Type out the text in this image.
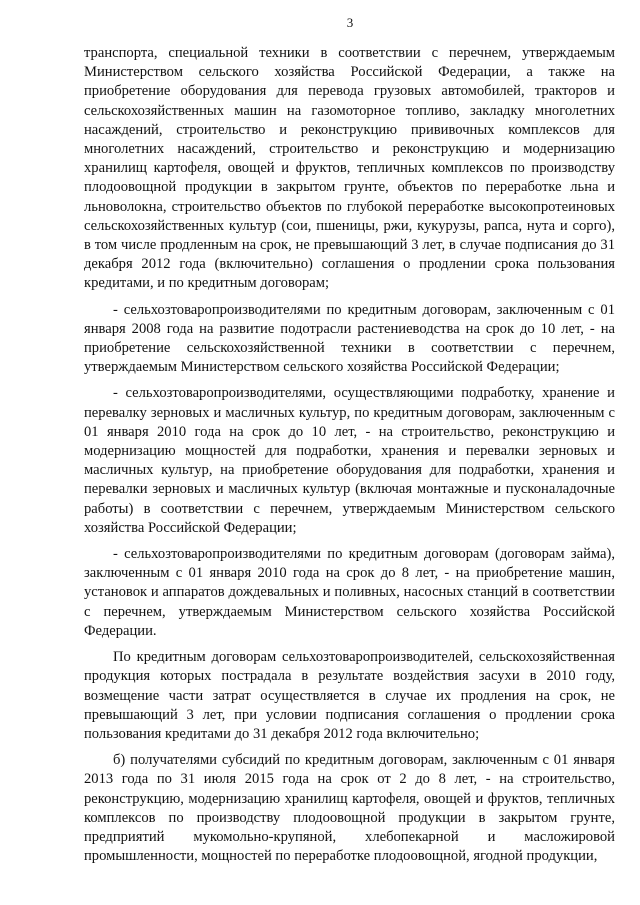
3

транспорта, специальной техники в соответствии с перечнем, утверждаемым Министерством сельского хозяйства Российской Федерации, а также на приобретение оборудования для перевода грузовых автомобилей, тракторов и сельскохозяйственных машин на газомоторное топливо, закладку многолетних насаждений, строительство и реконструкцию прививочных комплексов для многолетних насаждений, строительство и реконструкцию и модернизацию хранилищ картофеля, овощей и фруктов, тепличных комплексов по производству плодоовощной продукции в закрытом грунте, объектов по переработке льна и льноволокна, строительство объектов по глубокой переработке высокопротеиновых сельскохозяйственных культур (сои, пшеницы, ржи, кукурузы, рапса, нута и сорго), в том числе продленным на срок, не превышающий 3 лет, в случае подписания до 31 декабря 2012 года (включительно) соглашения о продлении срока пользования кредитами, и по кредитным договорам;

- сельхозтоваропроизводителями по кредитным договорам, заключенным с 01 января 2008 года на развитие подотрасли растениеводства на срок до 10 лет, - на приобретение сельскохозяйственной техники в соответствии с перечнем, утверждаемым Министерством сельского хозяйства Российской Федерации;

- сельхозтоваропроизводителями, осуществляющими подработку, хранение и перевалку зерновых и масличных культур, по кредитным договорам, заключенным с 01 января 2010 года на срок до 10 лет, - на строительство, реконструкцию и модернизацию мощностей для подработки, хранения и перевалки зерновых и масличных культур, на приобретение оборудования для подработки, хранения и перевалки зерновых и масличных культур (включая монтажные и пусконаладочные работы) в соответствии с перечнем, утверждаемым Министерством сельского хозяйства Российской Федерации;

- сельхозтоваропроизводителями по кредитным договорам (договорам займа), заключенным с 01 января 2010 года на срок до 8 лет, - на приобретение машин, установок и аппаратов дождевальных и поливных, насосных станций в соответствии с перечнем, утверждаемым Министерством сельского хозяйства Российской Федерации.

По кредитным договорам сельхозтоваропроизводителей, сельскохозяйственная продукция которых пострадала в результате воздействия засухи в 2010 году, возмещение части затрат осуществляется в случае их продления на срок, не превышающий 3 лет, при условии подписания соглашения о продлении срока пользования кредитами до 31 декабря 2012 года включительно;

б) получателями субсидий по кредитным договорам, заключенным с 01 января 2013 года по 31 июля 2015 года на срок от 2 до 8 лет, - на строительство, реконструкцию, модернизацию хранилищ картофеля, овощей и фруктов, тепличных комплексов по производству плодоовощной продукции в закрытом грунте, предприятий мукомольно-крупяной, хлебопекарной и масложировой промышленности, мощностей по переработке плодоовощной, ягодной продукции,
